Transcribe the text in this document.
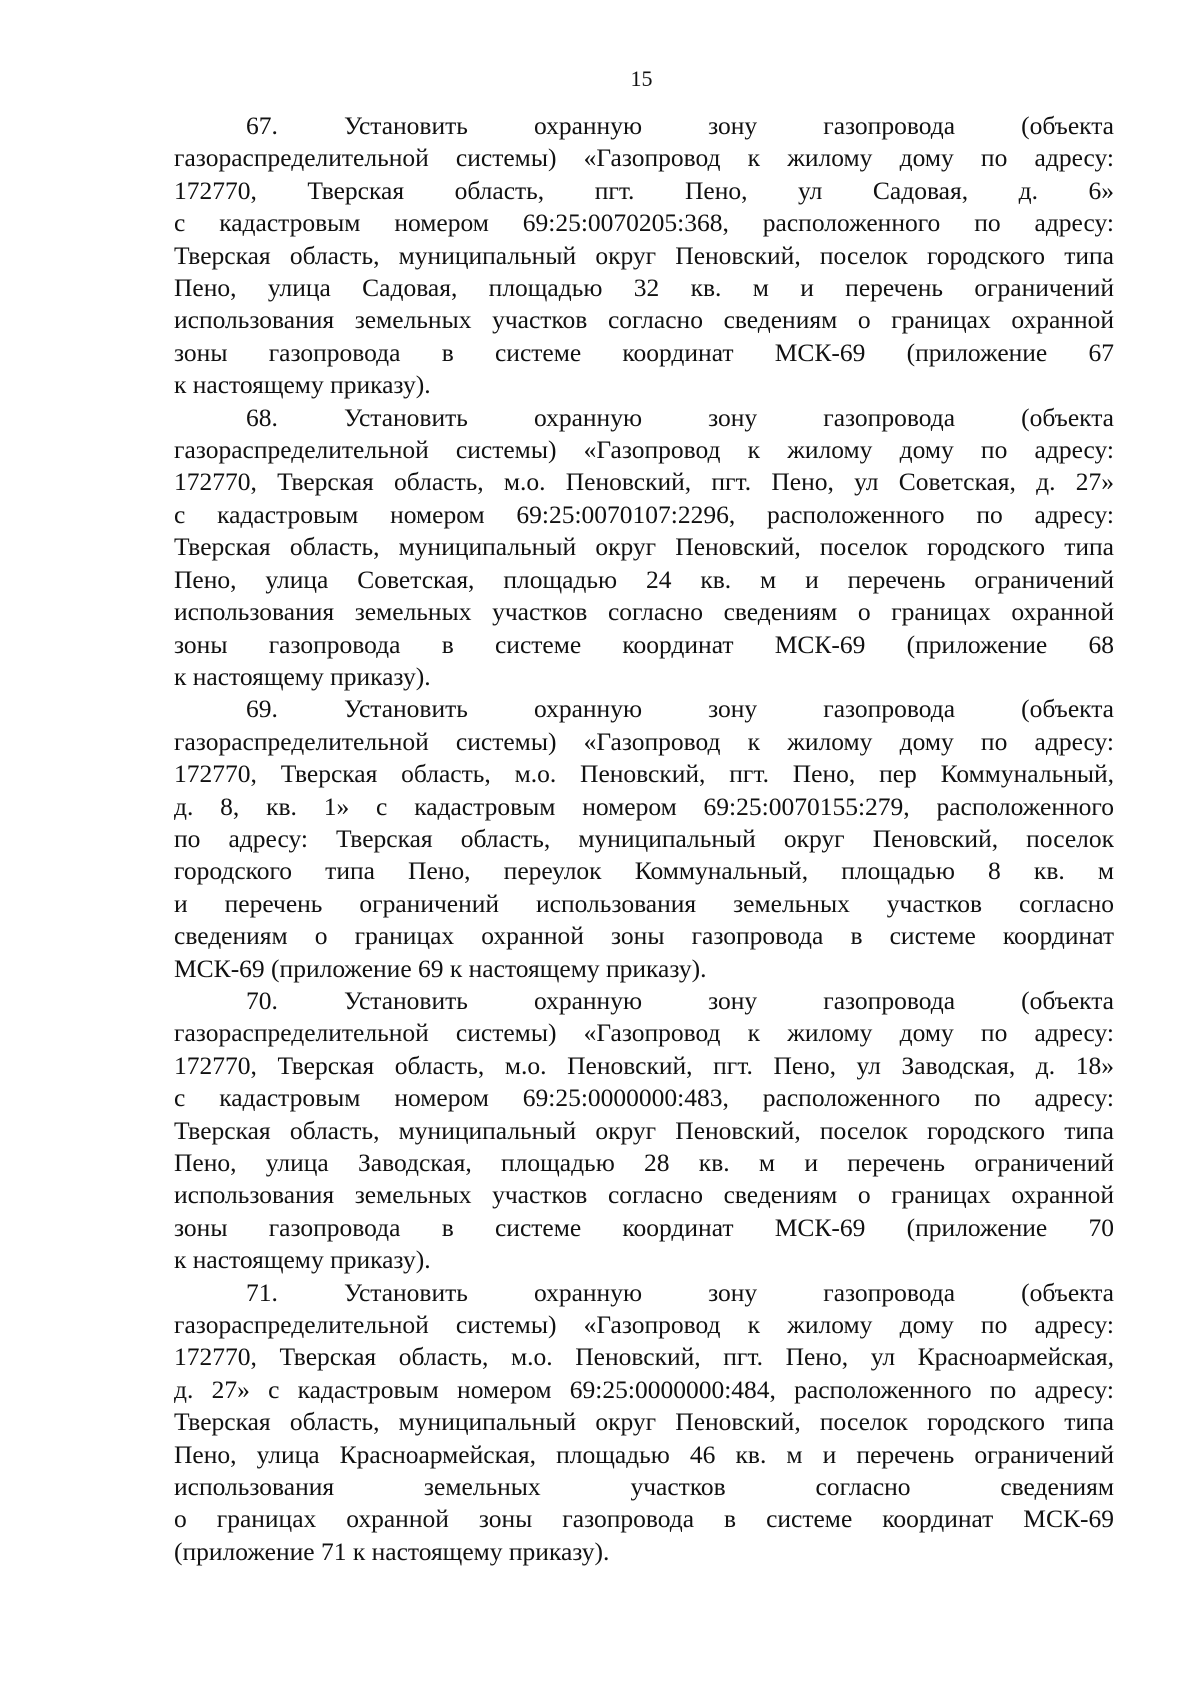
15
67. Установить охранную зону газопровода (объекта
газораспределительной системы) «Газопровод к жилому дому по адресу:
172770, Тверская область, пгт. Пено, ул Садовая, д. 6»
с кадастровым номером 69:25:0070205:368, расположенного по адресу:
Тверская область, муниципальный округ Пеновский, поселок городского типа
Пено, улица Садовая, площадью 32 кв. м и перечень ограничений
использования земельных участков согласно сведениям о границах охранной
зоны газопровода в системе координат МСК-69 (приложение 67
к настоящему приказу).
68. Установить охранную зону газопровода (объекта
газораспределительной системы) «Газопровод к жилому дому по адресу:
172770, Тверская область, м.о. Пеновский, пгт. Пено, ул Советская, д. 27»
с кадастровым номером 69:25:0070107:2296, расположенного по адресу:
Тверская область, муниципальный округ Пеновский, поселок городского типа
Пено, улица Советская, площадью 24 кв. м и перечень ограничений
использования земельных участков согласно сведениям о границах охранной
зоны газопровода в системе координат МСК-69 (приложение 68
к настоящему приказу).
69. Установить охранную зону газопровода (объекта
газораспределительной системы) «Газопровод к жилому дому по адресу:
172770, Тверская область, м.о. Пеновский, пгт. Пено, пер Коммунальный,
д. 8, кв. 1» с кадастровым номером 69:25:0070155:279, расположенного
по адресу: Тверская область, муниципальный округ Пеновский, поселок
городского типа Пено, переулок Коммунальный, площадью 8 кв. м
и перечень ограничений использования земельных участков согласно
сведениям о границах охранной зоны газопровода в системе координат
МСК-69 (приложение 69 к настоящему приказу).
70. Установить охранную зону газопровода (объекта
газораспределительной системы) «Газопровод к жилому дому по адресу:
172770, Тверская область, м.о. Пеновский, пгт. Пено, ул Заводская, д. 18»
с кадастровым номером 69:25:0000000:483, расположенного по адресу:
Тверская область, муниципальный округ Пеновский, поселок городского типа
Пено, улица Заводская, площадью 28 кв. м и перечень ограничений
использования земельных участков согласно сведениям о границах охранной
зоны газопровода в системе координат МСК-69 (приложение 70
к настоящему приказу).
71. Установить охранную зону газопровода (объекта
газораспределительной системы) «Газопровод к жилому дому по адресу:
172770, Тверская область, м.о. Пеновский, пгт. Пено, ул Красноармейская,
д. 27» с кадастровым номером 69:25:0000000:484, расположенного по адресу:
Тверская область, муниципальный округ Пеновский, поселок городского типа
Пено, улица Красноармейская, площадью 46 кв. м и перечень ограничений
использования земельных участков согласно сведениям
о границах охранной зоны газопровода в системе координат МСК-69
(приложение 71 к настоящему приказу).
